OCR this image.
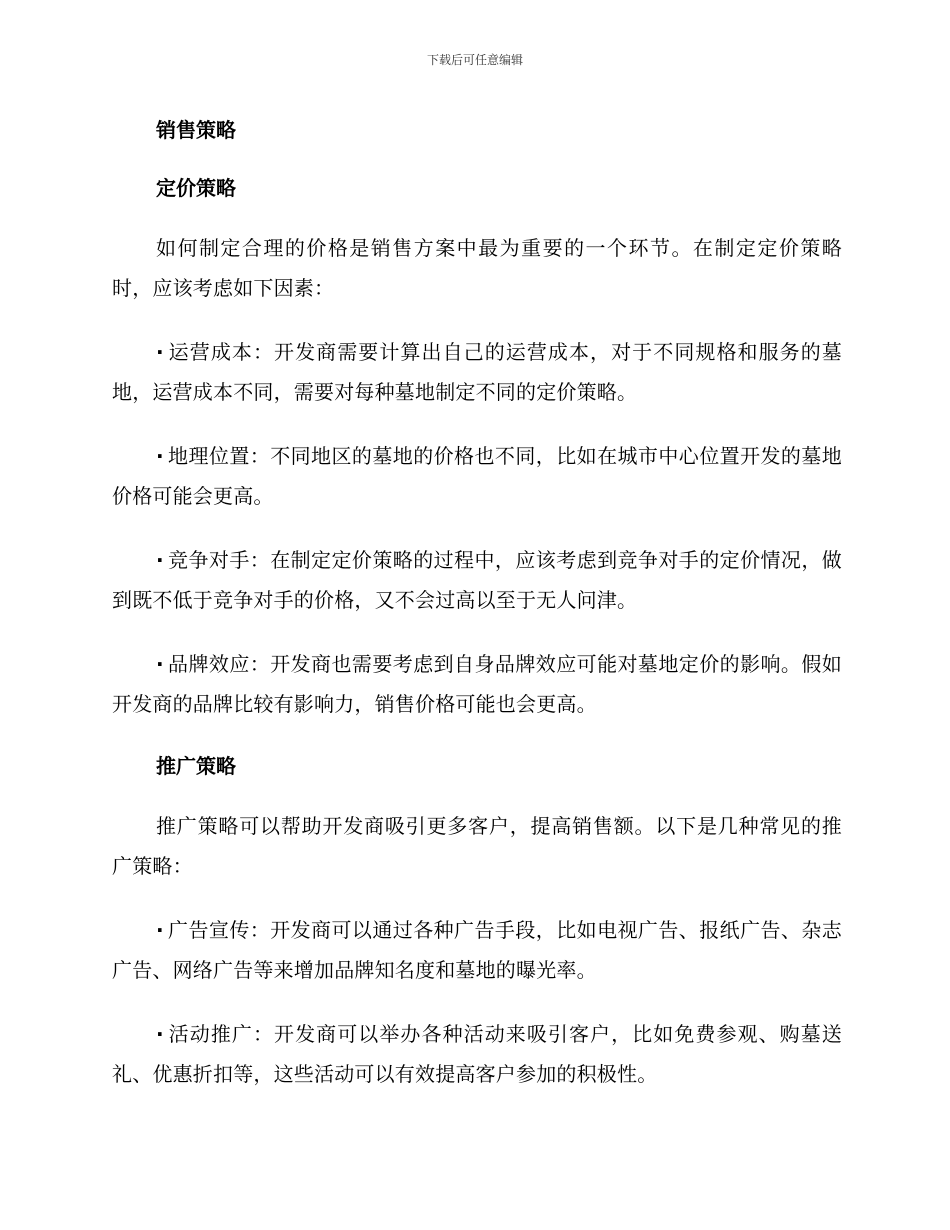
下载后可任意编辑
销售策略
定价策略

如何制定合理的价格是销售方案中最为重要的一个环节。在制定定价策略时，应该考虑如下因素：

· 运营成本：开发商需要计算出自己的运营成本，对于不同规格和服务的墓地，运营成本不同，需要对每种墓地制定不同的定价策略。

· 地理位置：不同地区的墓地的价格也不同，比如在城市中心位置开发的墓地价格可能会更高。

· 竞争对手：在制定定价策略的过程中，应该考虑到竞争对手的定价情况，做到既不低于竞争对手的价格，又不会过高以至于无人问津。

· 品牌效应：开发商也需要考虑到自身品牌效应可能对墓地定价的影响。假如开发商的品牌比较有影响力，销售价格可能也会更高。

推广策略

推广策略可以帮助开发商吸引更多客户，提高销售额。以下是几种常见的推广策略：

· 广告宣传：开发商可以通过各种广告手段，比如电视广告、报纸广告、杂志广告、网络广告等来增加品牌知名度和墓地的曝光率。

· 活动推广：开发商可以举办各种活动来吸引客户，比如免费参观、购墓送礼、优惠折扣等，这些活动可以有效提高客户参加的积极性。
